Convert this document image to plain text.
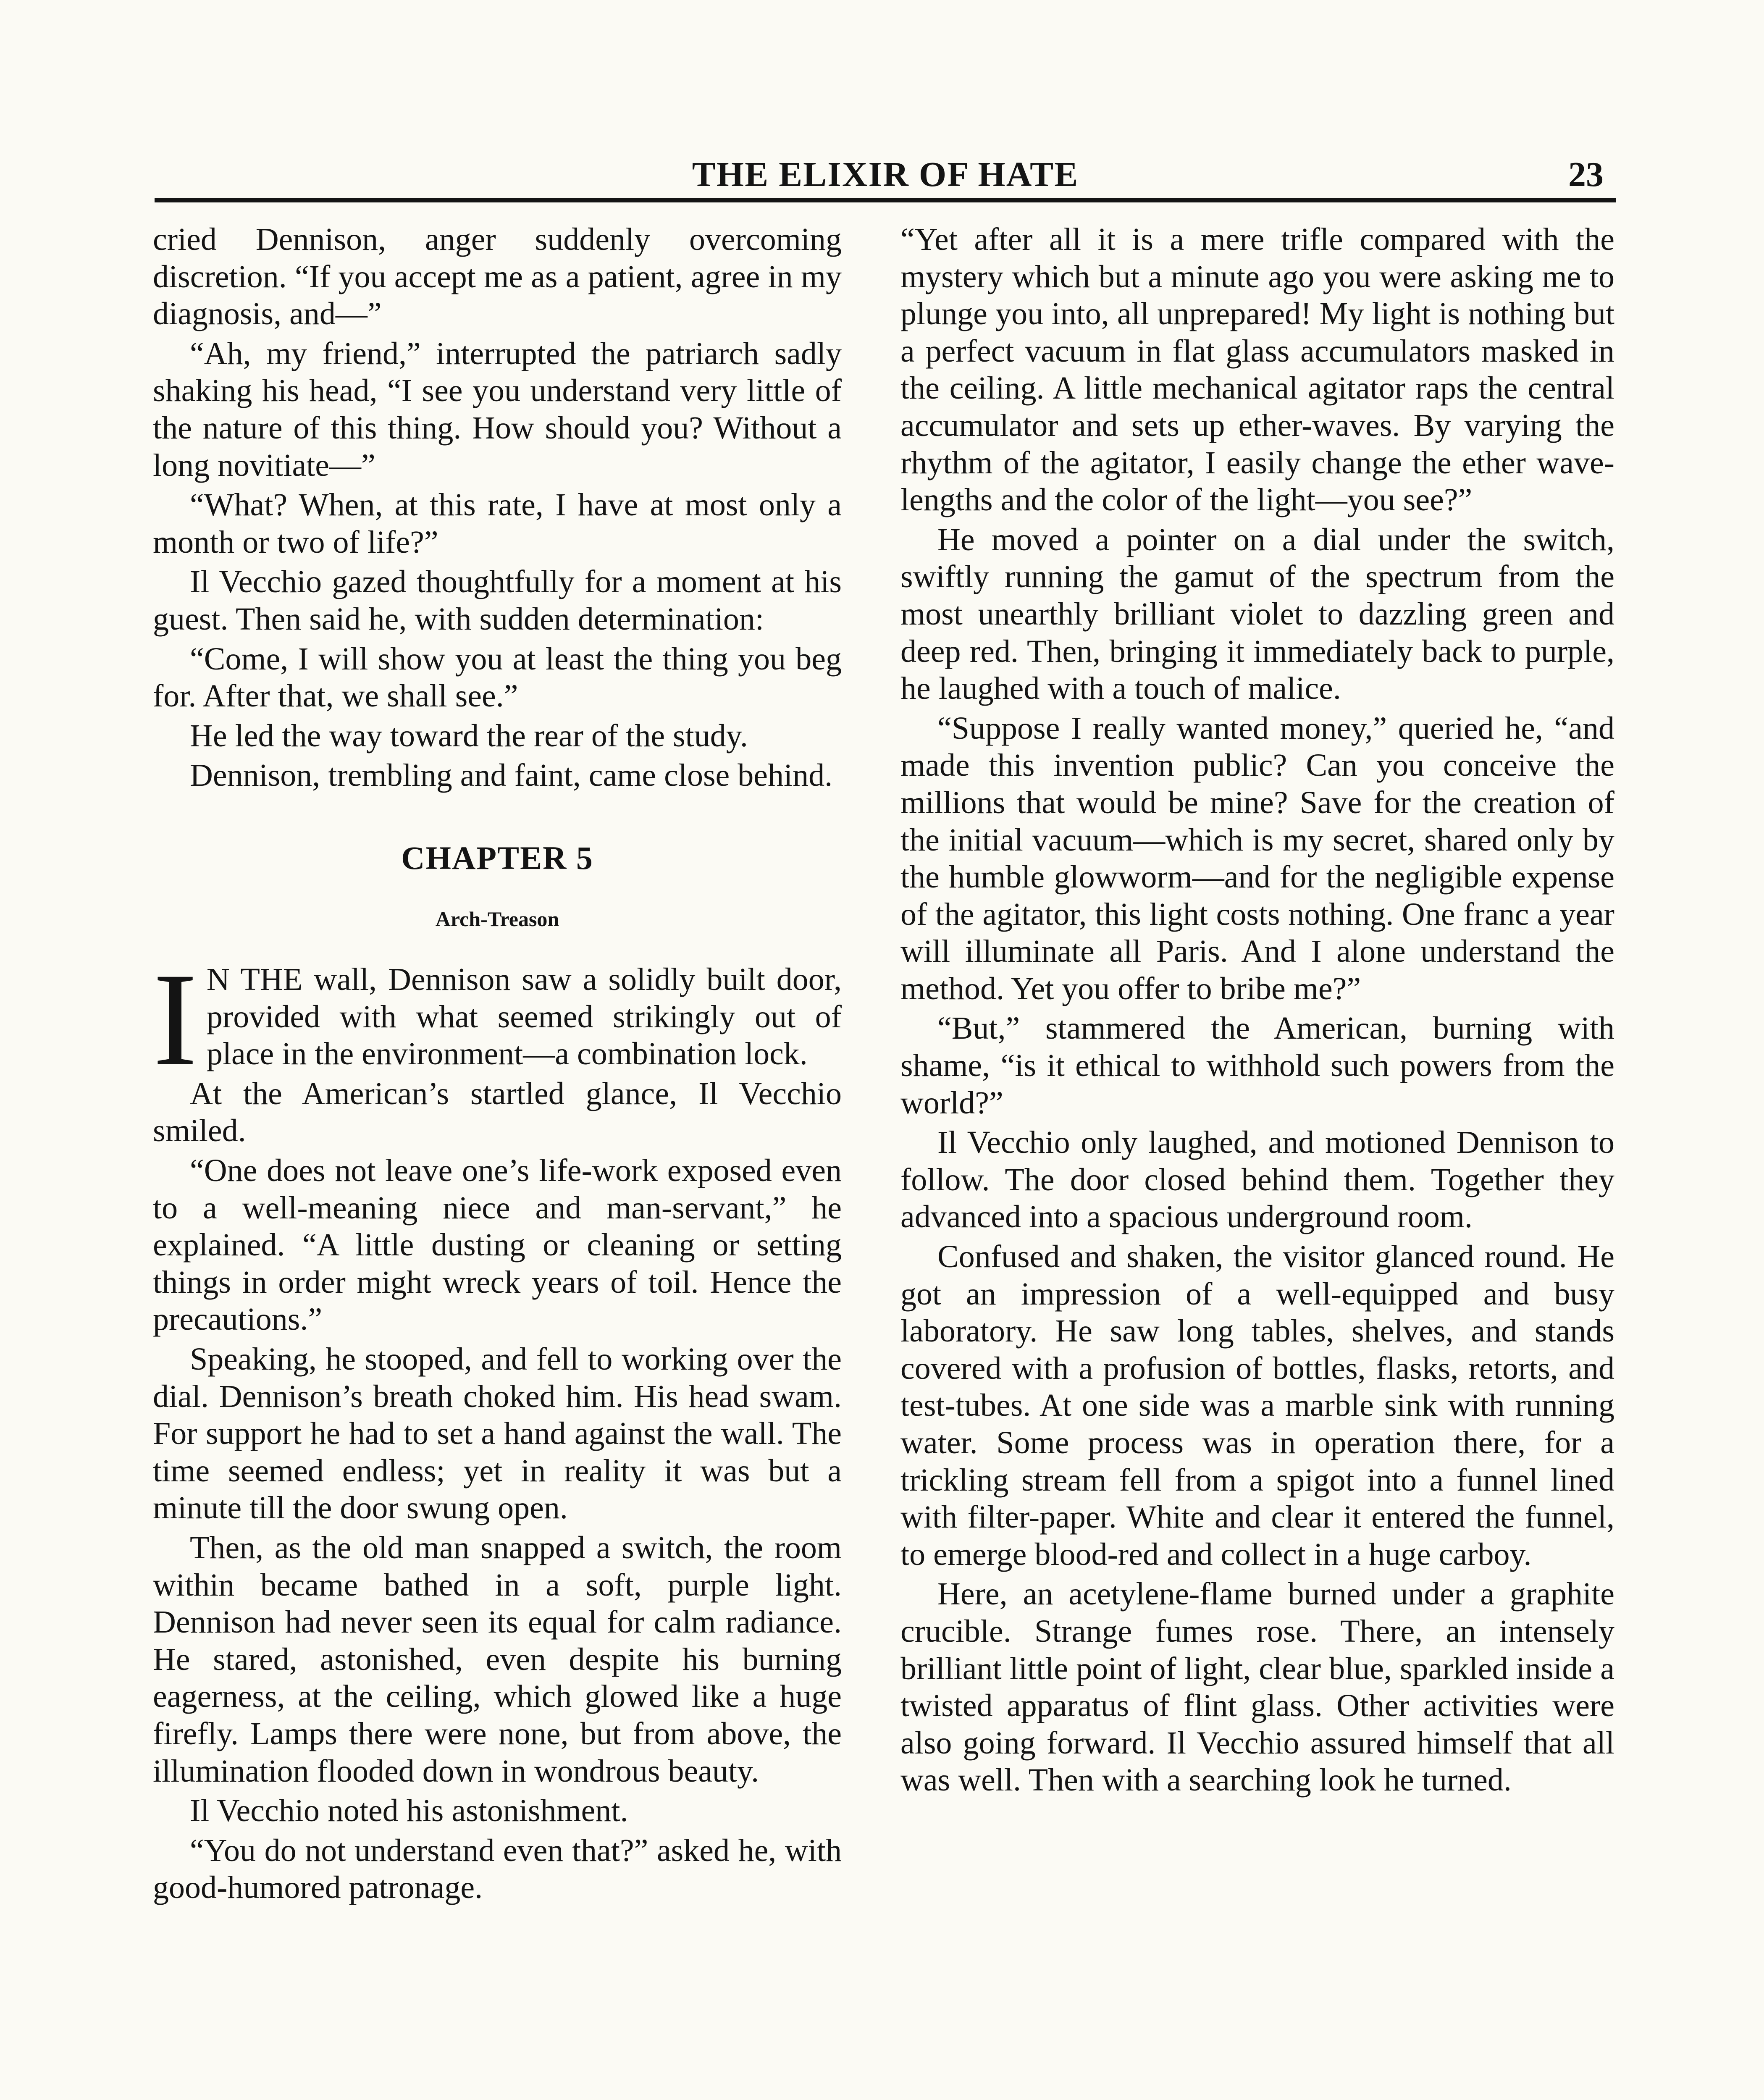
THE ELIXIR OF HATE	23

cried Dennison, anger suddenly overcoming discretion. “If you accept me as a patient, agree in my diagnosis, and—”

“Ah, my friend,” interrupted the patriarch sadly shaking his head, “I see you understand very little of the nature of this thing. How should you? Without a long novitiate—”

“What? When, at this rate, I have at most only a month or two of life?”

Il Vecchio gazed thoughtfully for a moment at his guest. Then said he, with sudden determination:

“Come, I will show you at least the thing you beg for. After that, we shall see.”

He led the way toward the rear of the study.

Dennison, trembling and faint, came close behind.

CHAPTER 5
Arch-Treason

I N THE wall, Dennison saw a solidly built door, provided with what seemed strikingly out of place in the environment—a combination lock.

At the American’s startled glance, Il Vecchio smiled.

“One does not leave one’s life-work exposed even to a well-meaning niece and man-servant,” he explained. “A little dusting or cleaning or setting things in order might wreck years of toil. Hence the precautions.”

Speaking, he stooped, and fell to working over the dial. Dennison’s breath choked him. His head swam. For support he had to set a hand against the wall. The time seemed endless; yet in reality it was but a minute till the door swung open.

Then, as the old man snapped a switch, the room within became bathed in a soft, purple light. Dennison had never seen its equal for calm radiance. He stared, astonished, even despite his burning eagerness, at the ceiling, which glowed like a huge firefly. Lamps there were none, but from above, the illumination flooded down in wondrous beauty.

Il Vecchio noted his astonishment.

“You do not understand even that?” asked he, with good-humored patronage.

“Yet after all it is a mere trifle compared with the mystery which but a minute ago you were asking me to plunge you into, all unprepared! My light is nothing but a perfect vacuum in flat glass accumulators masked in the ceiling. A little mechanical agitator raps the central accumulator and sets up ether-waves. By varying the rhythm of the agitator, I easily change the ether wave-lengths and the color of the light—you see?”

He moved a pointer on a dial under the switch, swiftly running the gamut of the spectrum from the most unearthly brilliant violet to dazzling green and deep red. Then, bringing it immediately back to purple, he laughed with a touch of malice.

“Suppose I really wanted money,” queried he, “and made this invention public? Can you conceive the millions that would be mine? Save for the creation of the initial vacuum—which is my secret, shared only by the humble glowworm—and for the negligible expense of the agitator, this light costs nothing. One franc a year will illuminate all Paris. And I alone understand the method. Yet you offer to bribe me?”

“But,” stammered the American, burning with shame, “is it ethical to withhold such powers from the world?”

Il Vecchio only laughed, and motioned Dennison to follow. The door closed behind them. Together they advanced into a spacious underground room.

Confused and shaken, the visitor glanced round. He got an impression of a well-equipped and busy laboratory. He saw long tables, shelves, and stands covered with a profusion of bottles, flasks, retorts, and test-tubes. At one side was a marble sink with running water. Some process was in operation there, for a trickling stream fell from a spigot into a funnel lined with filter-paper. White and clear it entered the funnel, to emerge blood-red and collect in a huge carboy.

Here, an acetylene-flame burned under a graphite crucible. Strange fumes rose. There, an intensely brilliant little point of light, clear blue, sparkled inside a twisted apparatus of flint glass. Other activities were also going forward. Il Vecchio assured himself that all was well. Then with a searching look he turned.
